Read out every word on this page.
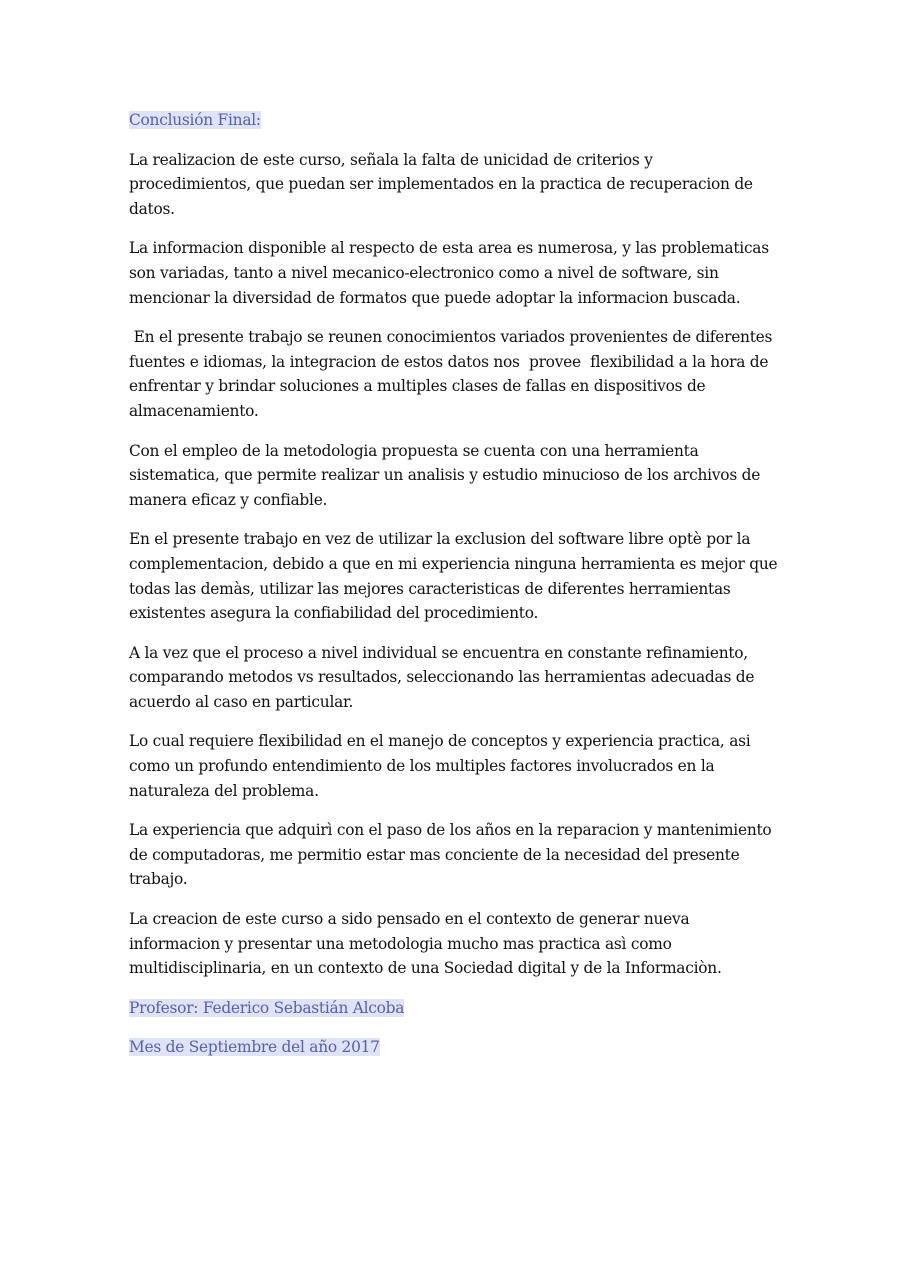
Conclusión Final:

La realizacion de este curso, señala la falta de unicidad de criterios y procedimientos, que puedan ser implementados en la practica de recuperacion de datos.

La informacion disponible al respecto de esta area es numerosa, y las problematicas son variadas, tanto a nivel mecanico-electronico como a nivel de software, sin mencionar la diversidad de formatos que puede adoptar la informacion buscada.

En el presente trabajo se reunen conocimientos variados provenientes de diferentes fuentes e idiomas, la integracion de estos datos nos  provee  flexibilidad a la hora de enfrentar y brindar soluciones a multiples clases de fallas en dispositivos de almacenamiento.

Con el empleo de la metodologia propuesta se cuenta con una herramienta sistematica, que permite realizar un analisis y estudio minucioso de los archivos de manera eficaz y confiable.

En el presente trabajo en vez de utilizar la exclusion del software libre optè por la complementacion, debido a que en mi experiencia ninguna herramienta es mejor que todas las demàs, utilizar las mejores caracteristicas de diferentes herramientas existentes asegura la confiabilidad del procedimiento.

A la vez que el proceso a nivel individual se encuentra en constante refinamiento, comparando metodos vs resultados, seleccionando las herramientas adecuadas de acuerdo al caso en particular.

Lo cual requiere flexibilidad en el manejo de conceptos y experiencia practica, asi como un profundo entendimiento de los multiples factores involucrados en la naturaleza del problema.

La experiencia que adquirì con el paso de los años en la reparacion y mantenimiento de computadoras, me permitio estar mas conciente de la necesidad del presente trabajo.

La creacion de este curso a sido pensado en el contexto de generar nueva informacion y presentar una metodologia mucho mas practica asì como multidisciplinaria, en un contexto de una Sociedad digital y de la Informaciòn.

Profesor: Federico Sebastián Alcoba

Mes de Septiembre del año 2017
